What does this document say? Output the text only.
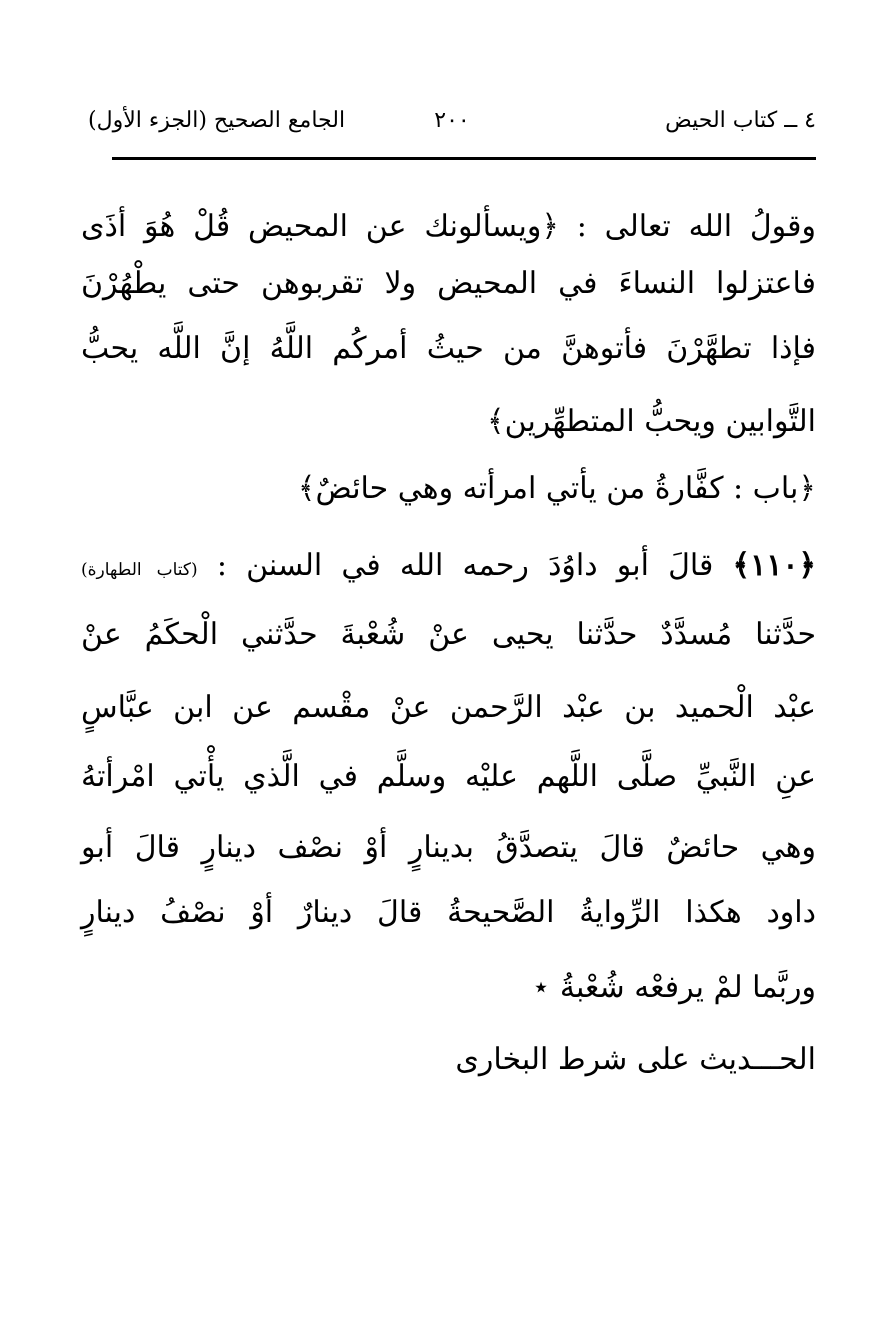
٤ ــ كتاب الحيض
٢٠٠
الجامع الصحيح (الجزء الأول)
وقولُ الله تعالى : ﴿ويسألونك عن المحيض قُلْ هُوَ أذَى
فاعتزلوا النساءَ في المحيض ولا تقربوهن حتى يطْهُرْنَ
فإذا تطهَّرْنَ فأتوهنَّ من حيثُ أمركُم اللَّهُ إنَّ اللَّه يحبُّ
التَّوابين ويحبُّ المتطهِّرين﴾
﴿باب : كفَّارةُ من يأتي امرأته وهي حائضٌ﴾
﴿١١٠﴾ قالَ أبو داوُدَ رحمه الله في السنن : (كتاب الطهارة)
حدَّثنا مُسدَّدٌ حدَّثنا يحيى عنْ شُعْبةَ حدَّثني الْحكَمُ عنْ
عبْد الْحميد بن عبْد الرَّحمن عنْ مقْسم عن ابن عبَّاسٍ
عنِ النَّبيِّ صلَّى اللَّهم عليْه وسلَّم في الَّذي يأْتي امْرأتهُ
وهي حائضٌ قالَ يتصدَّقُ بدينارٍ أوْ نصْف دينارٍ قالَ أبو
داود هكذا الرِّوايةُ الصَّحيحةُ قالَ دينارٌ أوْ نصْفُ دينارٍ
وربَّما لمْ يرفعْه شُعْبةُ ⋆
الحـــديث على شرط البخارى
